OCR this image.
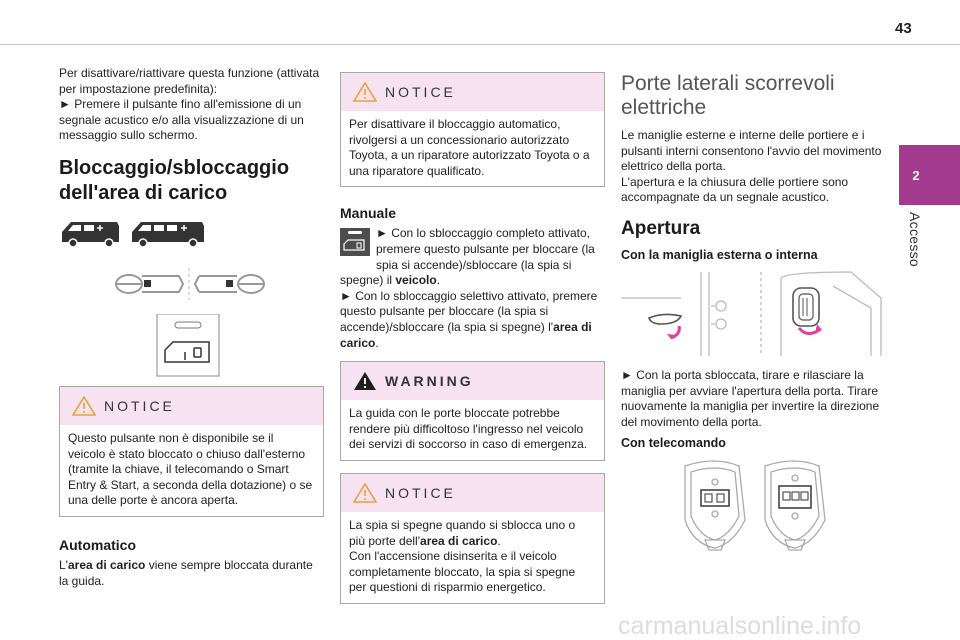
43
2
Accesso

Per disattivare/riattivare questa funzione (attivata per impostazione predefinita):

► Premere il pulsante fino all'emissione di un segnale acustico e/o alla visualizzazione di un messaggio sullo schermo.

Bloccaggio/sbloccaggio dell'area di carico
NOTICE
Questo pulsante non è disponibile se il veicolo è stato bloccato o chiuso dall'esterno (tramite la chiave, il telecomando o Smart Entry & Start, a seconda della dotazione) o se una delle porte è ancora aperta.
Automatico

L'area di carico viene sempre bloccata durante la guida.

NOTICE
Per disattivare il bloccaggio automatico, rivolgersi a un concessionario autorizzato Toyota, a un riparatore autorizzato Toyota o a una riparatore qualificato.
Manuale

► Con lo sbloccaggio completo attivato, premere questo pulsante per bloccare (la spia si accende)/sbloccare (la spia si spegne) il veicolo.

► Con lo sbloccaggio selettivo attivato, premere questo pulsante per bloccare (la spia si accende)/sbloccare (la spia si spegne) l'area di carico.

WARNING
La guida con le porte bloccate potrebbe rendere più difficoltoso l'ingresso nel veicolo dei servizi di soccorso in caso di emergenza.
NOTICE
La spia si spegne quando si sblocca uno o più porte dell'area di carico.
Con l'accensione disinserita e il veicolo completamente bloccato, la spia si spegne per questioni di risparmio energetico.
Porte laterali scorrevoli elettriche

Le maniglie esterne e interne delle portiere e i pulsanti interni consentono l'avvio del movimento elettrico della porta.

L'apertura e la chiusura delle portiere sono accompagnate da un segnale acustico.

Apertura
Con la maniglia esterna o interna

► Con la porta sbloccata, tirare e rilasciare la maniglia per avviare l'apertura della porta. Tirare nuovamente la maniglia per invertire la direzione del movimento della porta.

Con telecomando
carmanualsonline.info
